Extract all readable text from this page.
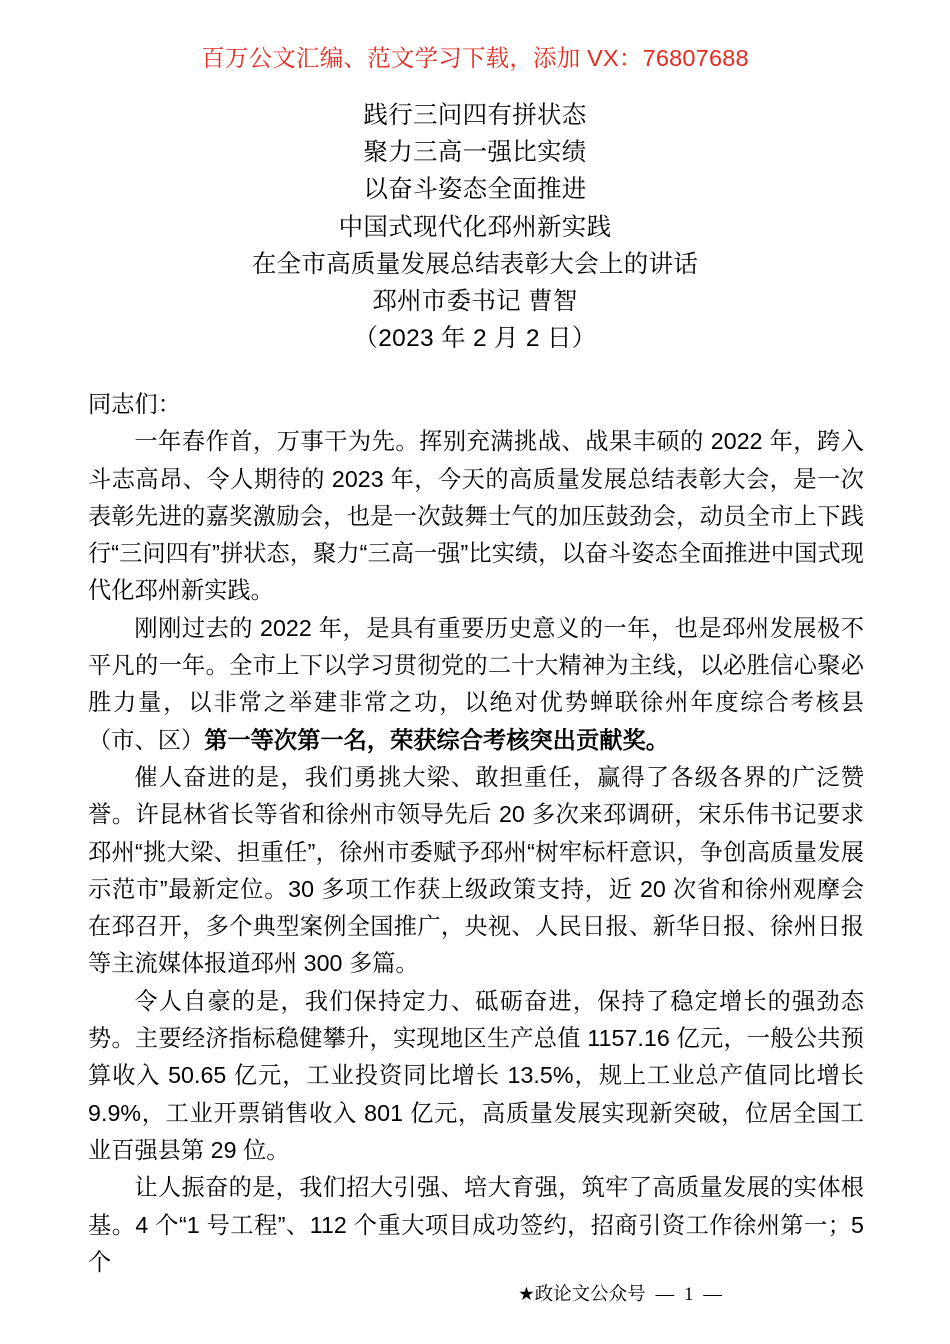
百万公文汇编、范文学习下载，添加 VX：76807688
践行三问四有拼状态
聚力三高一强比实绩
以奋斗姿态全面推进
中国式现代化邳州新实践
在全市高质量发展总结表彰大会上的讲话
邳州市委书记 曹智
（2023 年 2 月 2 日）

同志们：

一年春作首，万事干为先。挥别充满挑战、战果丰硕的 2022 年，跨入斗志高昂、令人期待的 2023 年，今天的高质量发展总结表彰大会，是一次表彰先进的嘉奖激励会，也是一次鼓舞士气的加压鼓劲会，动员全市上下践行“三问四有”拼状态，聚力“三高一强”比实绩，以奋斗姿态全面推进中国式现代化邳州新实践。

刚刚过去的 2022 年，是具有重要历史意义的一年，也是邳州发展极不平凡的一年。全市上下以学习贯彻党的二十大精神为主线，以必胜信心聚必胜力量，以非常之举建非常之功，以绝对优势蝉联徐州年度综合考核县（市、区）第一等次第一名，荣获综合考核突出贡献奖。

催人奋进的是，我们勇挑大梁、敢担重任，赢得了各级各界的广泛赞誉。许昆林省长等省和徐州市领导先后 20 多次来邳调研，宋乐伟书记要求邳州“挑大梁、担重任”，徐州市委赋予邳州“树牢标杆意识，争创高质量发展示范市”最新定位。30 多项工作获上级政策支持，近 20 次省和徐州观摩会在邳召开，多个典型案例全国推广，央视、人民日报、新华日报、徐州日报等主流媒体报道邳州 300 多篇。

令人自豪的是，我们保持定力、砥砺奋进，保持了稳定增长的强劲态势。主要经济指标稳健攀升，实现地区生产总值 1157.16 亿元，一般公共预算收入 50.65 亿元，工业投资同比增长 13.5%，规上工业总产值同比增长 9.9%，工业开票销售收入 801 亿元，高质量发展实现新突破，位居全国工业百强县第 29 位。

让人振奋的是，我们招大引强、培大育强，筑牢了高质量发展的实体根基。4 个“1 号工程”、112 个重大项目成功签约，招商引资工作徐州第一；5 个

★政论文公众号 — 1 —
